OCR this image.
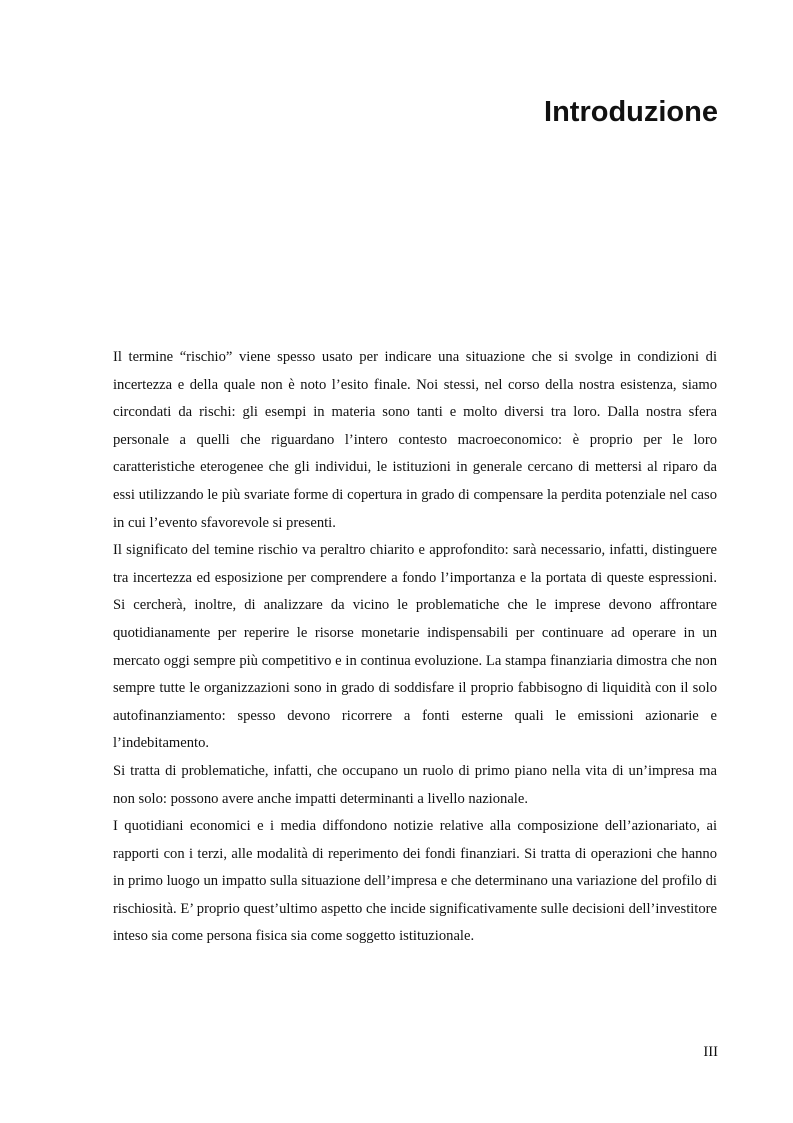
Introduzione

Il termine “rischio” viene spesso usato per indicare una situazione che si svolge in condizioni di incertezza e della quale non è noto l’esito finale. Noi stessi, nel corso della nostra esistenza, siamo circondati da rischi: gli esempi in materia sono tanti e molto diversi tra loro. Dalla nostra sfera personale a quelli che riguardano l’intero contesto macroeconomico: è proprio per le loro caratteristiche eterogenee che gli individui, le istituzioni in generale cercano di mettersi al riparo da essi utilizzando le più svariate forme di copertura in grado di compensare la perdita potenziale nel caso in cui l’evento sfavorevole si presenti.

Il significato del temine rischio va peraltro chiarito e approfondito: sarà necessario, infatti, distinguere tra incertezza ed esposizione per comprendere a fondo l’importanza e la portata di queste espressioni. Si cercherà, inoltre, di analizzare da vicino le problematiche che le imprese devono affrontare quotidianamente per reperire le risorse monetarie indispensabili per continuare ad operare in un mercato oggi sempre più competitivo e in continua evoluzione. La stampa finanziaria dimostra che non sempre tutte le organizzazioni sono in grado di soddisfare il proprio fabbisogno di liquidità con il solo autofinanziamento: spesso devono ricorrere a fonti esterne quali le emissioni azionarie e l’indebitamento.

Si tratta di problematiche, infatti, che occupano un ruolo di primo piano nella vita di un’impresa ma non solo: possono avere anche impatti determinanti a livello nazionale.

I quotidiani economici e i media diffondono notizie relative alla composizione dell’azionariato, ai rapporti con i terzi, alle modalità di reperimento dei fondi finanziari. Si tratta di operazioni che hanno in primo luogo un impatto sulla situazione dell’impresa e che determinano una variazione del profilo di rischiosità. E’ proprio quest’ultimo aspetto che incide significativamente sulle decisioni dell’investitore inteso sia come persona fisica sia come soggetto istituzionale.

III
